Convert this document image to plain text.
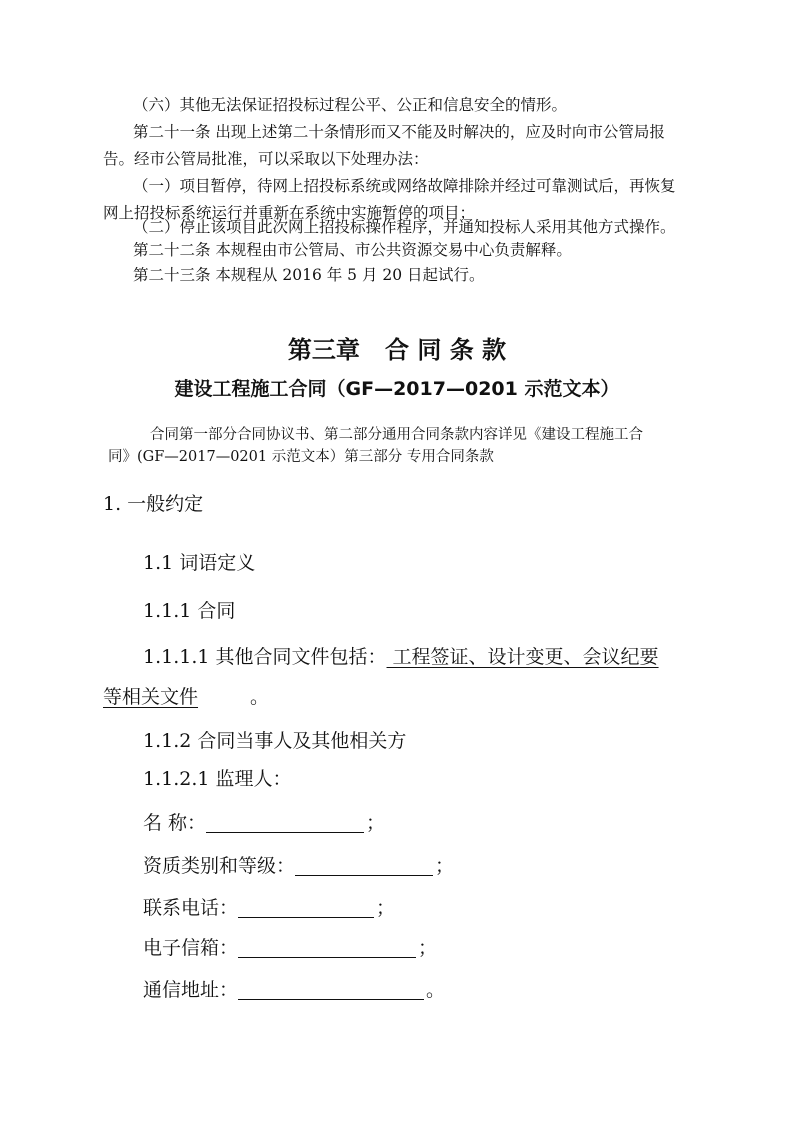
（六）其他无法保证招投标过程公平、公正和信息安全的情形。
第二十一条 出现上述第二十条情形而又不能及时解决的，应及时向市公管局报
告。经市公管局批准，可以采取以下处理办法：
（一）项目暂停，待网上招投标系统或网络故障排除并经过可靠测试后，再恢复
网上招投标系统运行并重新在系统中实施暂停的项目；
（二）停止该项目此次网上招投标操作程序，并通知投标人采用其他方式操作。
第二十二条 本规程由市公管局、市公共资源交易中心负责解释。
第二十三条 本规程从 2016 年 5 月 20 日起试行。
第三章   合 同 条 款
建设工程施工合同（GF—2017—0201 示范文本）
合同第一部分合同协议书、第二部分通用合同条款内容详见《建设工程施工合
同》(GF—2017—0201 示范文本）第三部分 专用合同条款
1. 一般约定
1.1 词语定义
1.1.1 合同
1.1.1.1 其他合同文件包括： 工程签证、设计变更、会议纪要
等相关文件	。
1.1.2 合同当事人及其他相关方
1.1.2.1 监理人：
名 称：	；
资质类别和等级：	；
联系电话：	；
电子信箱：	；
通信地址：	。
